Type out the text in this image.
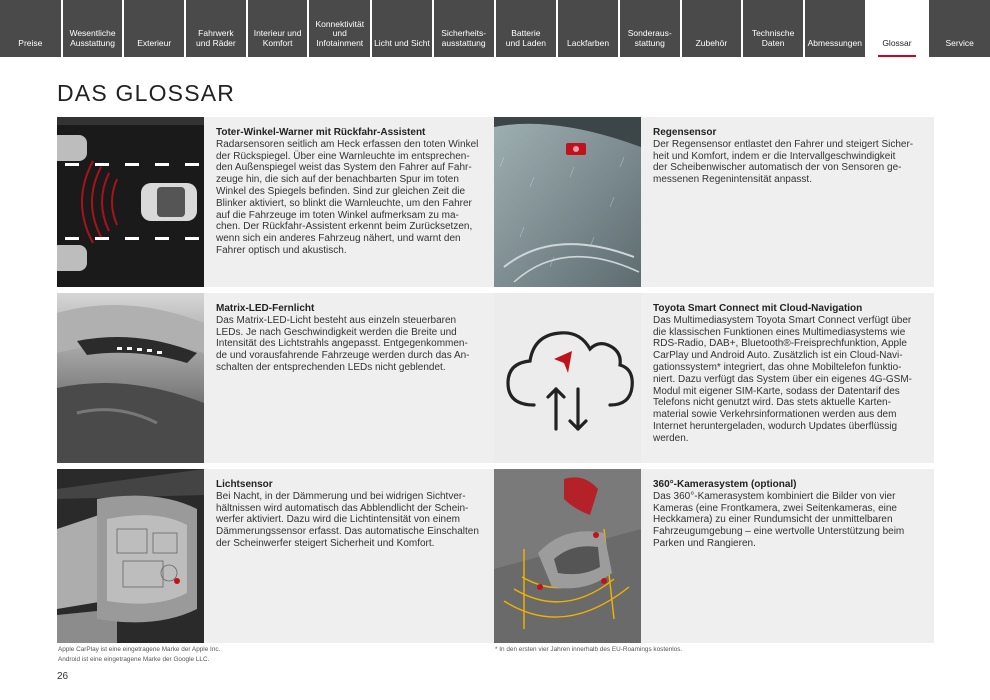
Preise
Wesentliche
Ausstattung	Exterieur
Fahrwerk
und Räder
Interieur und
Komfort
Konnektivität
und
Infotainment	Licht und Sicht
Sicherheits-
ausstattung
Batterie
und Laden	Lackfarben
Sonderaus-
stattung	Zubehör
Technische
Daten	Abmessungen	Glossar	Service
DAS GLOSSAR
Toter-Winkel-Warner mit Rückfahr-Assistent
Radarsensoren seitlich am Heck erfassen den toten Winkel
der Rückspiegel. Über eine Warnleuchte im entsprechen-
den Außenspiegel weist das System den Fahrer auf Fahr-
zeuge hin, die sich auf der benachbarten Spur im toten
Winkel des Spiegels befinden. Sind zur gleichen Zeit die
Blinker aktiviert, so blinkt die Warnleuchte, um den Fahrer
auf die Fahrzeuge im toten Winkel aufmerksam zu ma-
chen. Der Rückfahr-Assistent erkennt beim Zurücksetzen,
wenn sich ein anderes Fahrzeug nähert, und warnt den
Fahrer optisch und akustisch.
Regensensor
Der Regensensor entlastet den Fahrer und steigert Sicher-
heit und Komfort, indem er die Intervallgeschwindigkeit
der Scheibenwischer automatisch der von Sensoren ge-
messenen Regenintensität anpasst.
Matrix-LED-Fernlicht
Das Matrix-LED-Licht besteht aus einzeln steuerbaren
LEDs. Je nach Geschwindigkeit werden die Breite und
Intensität des Lichtstrahls angepasst. Entgegenkommen-
de und vorausfahrende Fahrzeuge werden durch das An-
schalten der entsprechenden LEDs nicht geblendet.
Toyota Smart Connect mit Cloud-Navigation
Das Multimediasystem Toyota Smart Connect verfügt über
die klassischen Funktionen eines Multimediasystems wie
RDS-Radio, DAB+, Bluetooth®-Freisprechfunktion, Apple
CarPlay und Android Auto. Zusätzlich ist ein Cloud-Navi-
gationssystem* integriert, das ohne Mobiltelefon funktio-
niert. Dazu verfügt das System über ein eigenes 4G-GSM-
Modul mit eigener SIM-Karte, sodass der Datentarif des
Telefons nicht genutzt wird. Das stets aktuelle Karten-
material sowie Verkehrsinformationen werden aus dem
Internet heruntergeladen, wodurch Updates überflüssig
werden.
Lichtsensor
Bei Nacht, in der Dämmerung und bei widrigen Sichtver-
hältnissen wird automatisch das Abblendlicht der Schein-
werfer aktiviert. Dazu wird die Lichtintensität von einem
Dämmerungssensor erfasst. Das automatische Einschalten
der Scheinwerfer steigert Sicherheit und Komfort.
360°-Kamerasystem (optional)
Das 360°-Kamerasystem kombiniert die Bilder von vier
Kameras (eine Frontkamera, zwei Seitenkameras, eine
Heckkamera) zu einer Rundumsicht der unmittelbaren
Fahrzeugumgebung – eine wertvolle Unterstützung beim
Parken und Rangieren.
Apple CarPlay ist eine eingetragene Marke der Apple Inc.
Android ist eine eingetragene Marke der Google LLC.
* In den ersten vier Jahren innerhalb des EU-Roamings kostenlos.
26
